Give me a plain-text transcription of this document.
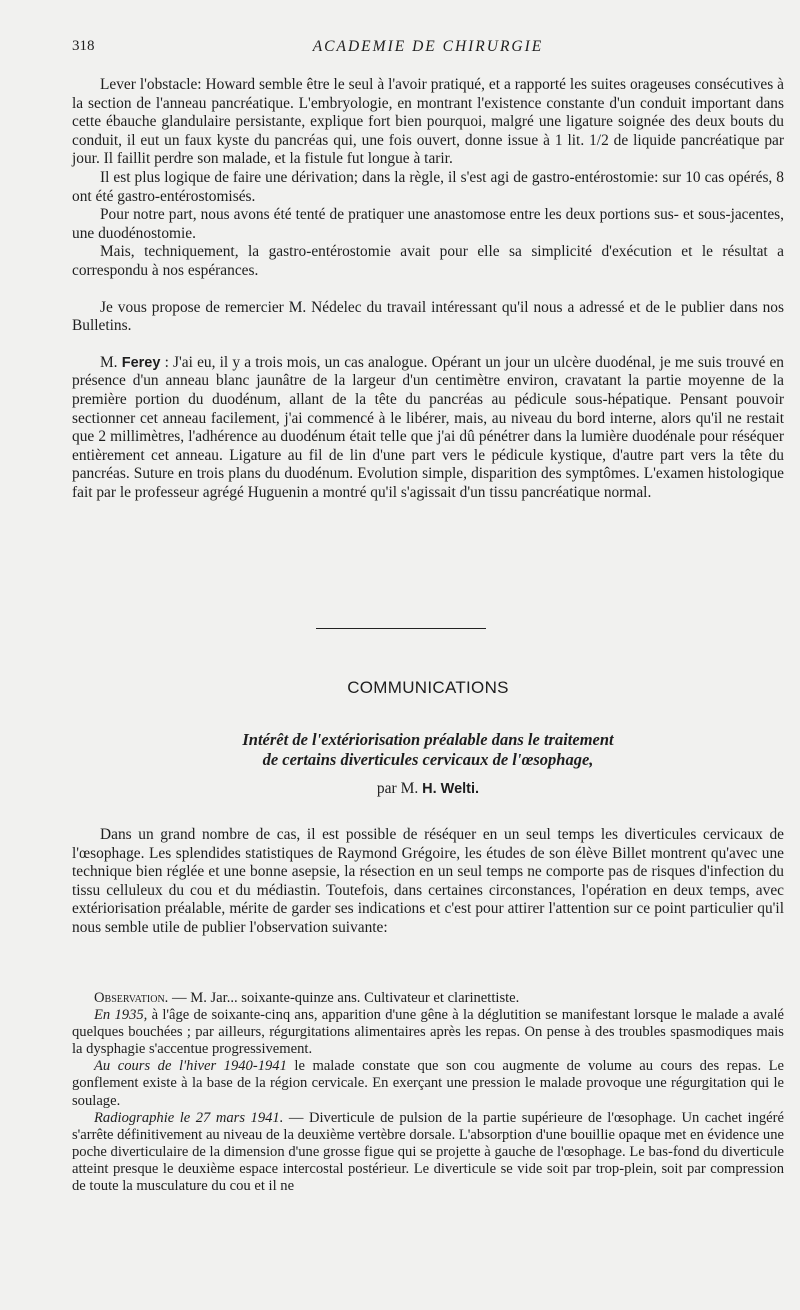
318	ACADEMIE DE CHIRURGIE

Lever l'obstacle: Howard semble être le seul à l'avoir pratiqué, et a rapporté les suites orageuses consécutives à la section de l'anneau pancréatique. L'embryologie, en montrant l'existence constante d'un conduit important dans cette ébauche glandulaire persistante, explique fort bien pourquoi, malgré une ligature soignée des deux bouts du conduit, il eut un faux kyste du pancréas qui, une fois ouvert, donne issue à 1 lit. 1/2 de liquide pancréatique par jour. Il faillit perdre son malade, et la fistule fut longue à tarir.

Il est plus logique de faire une dérivation; dans la règle, il s'est agi de gastro-entérostomie: sur 10 cas opérés, 8 ont été gastro-entérostomisés.

Pour notre part, nous avons été tenté de pratiquer une anastomose entre les deux portions sus- et sous-jacentes, une duodénostomie.

Mais, techniquement, la gastro-entérostomie avait pour elle sa simplicité d'exécution et le résultat a correspondu à nos espérances.

Je vous propose de remercier M. Nédelec du travail intéressant qu'il nous a adressé et de le publier dans nos Bulletins.

M. Ferey : J'ai eu, il y a trois mois, un cas analogue. Opérant un jour un ulcère duodénal, je me suis trouvé en présence d'un anneau blanc jaunâtre de la largeur d'un centimètre environ, cravatant la partie moyenne de la première portion du duodénum, allant de la tête du pancréas au pédicule sous-hépatique. Pensant pouvoir sectionner cet anneau facilement, j'ai commencé à le libérer, mais, au niveau du bord interne, alors qu'il ne restait que 2 millimètres, l'adhérence au duodénum était telle que j'ai dû pénétrer dans la lumière duodénale pour réséquer entièrement cet anneau. Ligature au fil de lin d'une part vers le pédicule kystique, d'autre part vers la tête du pancréas. Suture en trois plans du duodénum. Evolution simple, disparition des symptômes. L'examen histologique fait par le professeur agrégé Huguenin a montré qu'il s'agissait d'un tissu pancréatique normal.

COMMUNICATIONS
Intérêt de l'extériorisation préalable dans le traitement
de certains diverticules cervicaux de l'œsophage,
par M. H. Welti.

Dans un grand nombre de cas, il est possible de réséquer en un seul temps les diverticules cervicaux de l'œsophage. Les splendides statistiques de Raymond Grégoire, les études de son élève Billet montrent qu'avec une technique bien réglée et une bonne asepsie, la résection en un seul temps ne comporte pas de risques d'infection du tissu celluleux du cou et du médiastin. Toutefois, dans certaines circonstances, l'opération en deux temps, avec extériorisation préalable, mérite de garder ses indications et c'est pour attirer l'attention sur ce point particulier qu'il nous semble utile de publier l'observation suivante:

Observation. — M. Jar... soixante-quinze ans. Cultivateur et clarinettiste.

En 1935, à l'âge de soixante-cinq ans, apparition d'une gêne à la déglutition se manifestant lorsque le malade a avalé quelques bouchées ; par ailleurs, régurgitations alimentaires après les repas. On pense à des troubles spasmodiques mais la dysphagie s'accentue progressivement.

Au cours de l'hiver 1940-1941 le malade constate que son cou augmente de volume au cours des repas. Le gonflement existe à la base de la région cervicale. En exerçant une pression le malade provoque une régurgitation qui le soulage.

Radiographie le 27 mars 1941. — Diverticule de pulsion de la partie supérieure de l'œsophage. Un cachet ingéré s'arrête définitivement au niveau de la deuxième vertèbre dorsale. L'absorption d'une bouillie opaque met en évidence une poche diverticulaire de la dimension d'une grosse figue qui se projette à gauche de l'œsophage. Le bas-fond du diverticule atteint presque le deuxième espace intercostal postérieur. Le diverticule se vide soit par trop-plein, soit par compression de toute la musculature du cou et il ne
